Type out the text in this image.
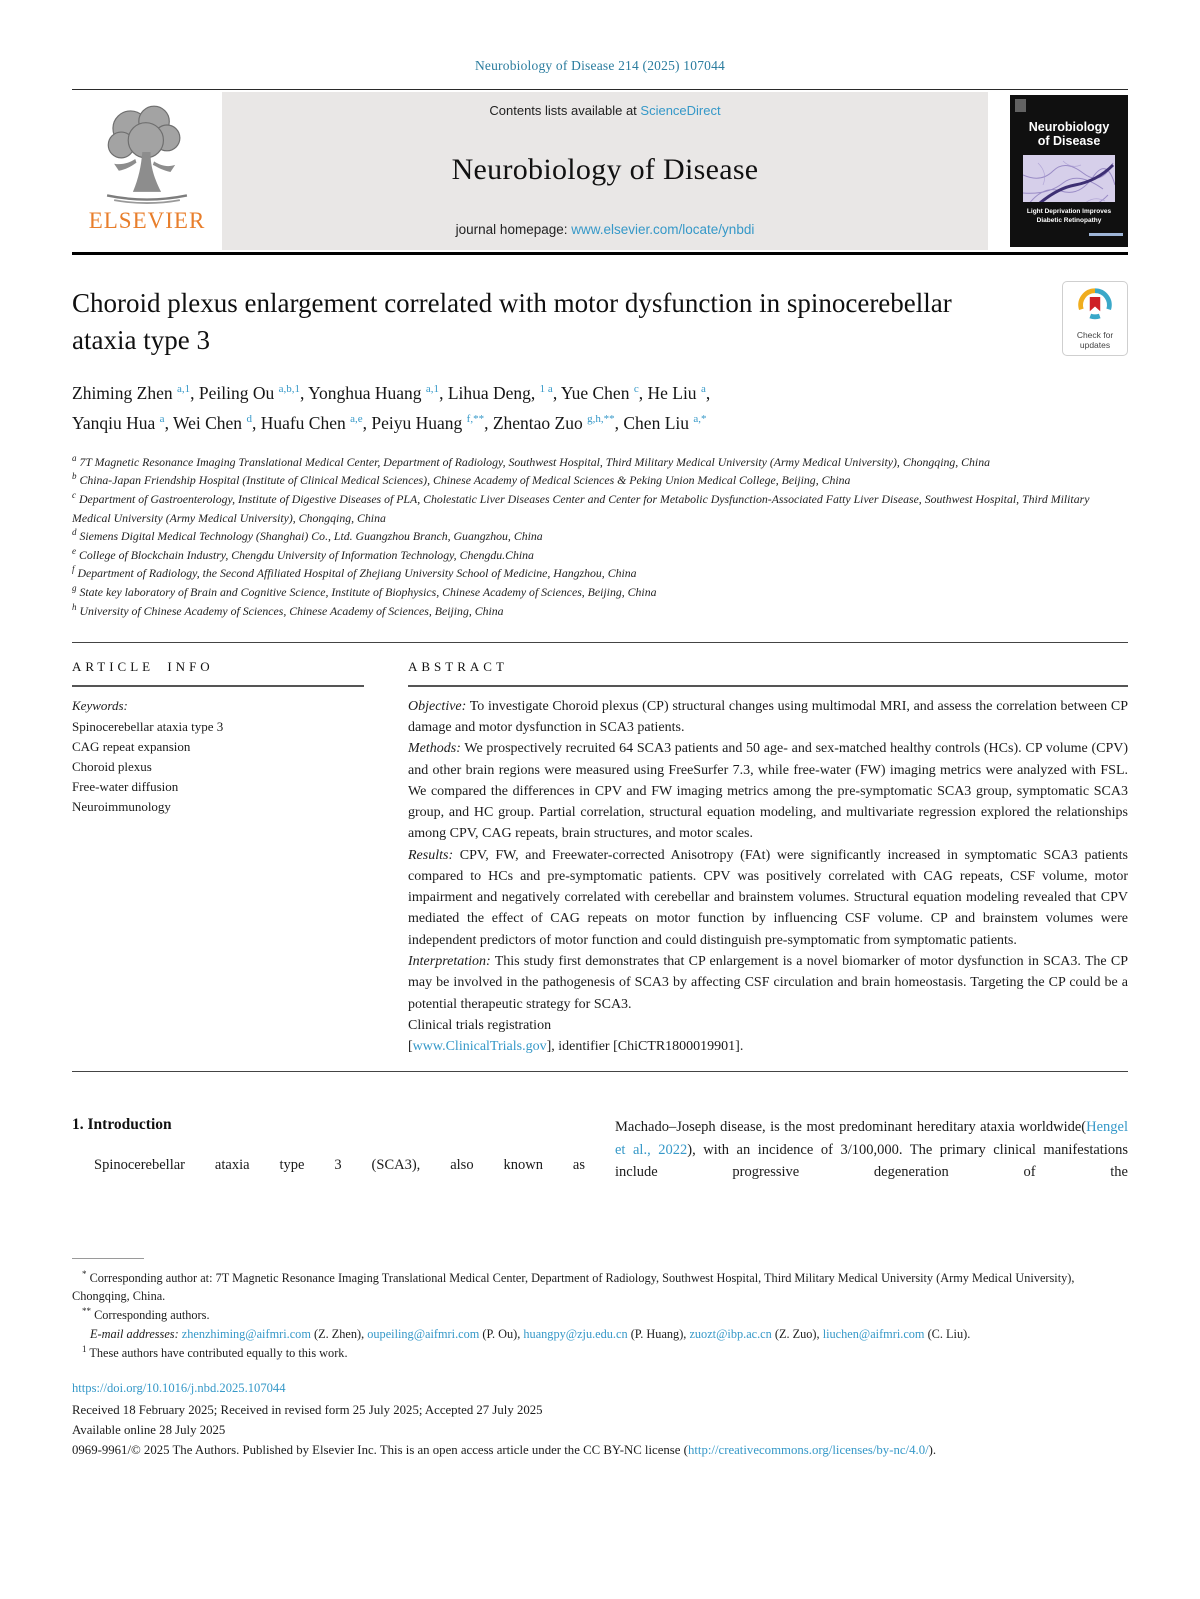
Neurobiology of Disease 214 (2025) 107044
ELSEVIER
Contents lists available at ScienceDirect
Neurobiology of Disease
journal homepage: www.elsevier.com/locate/ynbdi
Neurobiology
of Disease
Light Deprivation Improves Diabetic Retinopathy
Choroid plexus enlargement correlated with motor dysfunction in spinocerebellar ataxia type 3	Check for
updates
Zhiming Zhen $^{a,1}$, Peiling Ou $^{a,b,1}$, Yonghua Huang $^{a,1}$, Lihua Deng, $^{1 a}$, Yue Chen $^c$, He Liu $^a$,
Yanqiu Hua $^a$, Wei Chen $^d$, Huafu Chen $^{a,e}$, Peiyu Huang $^{f,**}$, Zhentao Zuo $^{g,h,**}$, Chen Liu $^{a,*}$
$^a$ 7T Magnetic Resonance Imaging Translational Medical Center, Department of Radiology, Southwest Hospital, Third Military Medical University (Army Medical University), Chongqing, China
$^b$ China-Japan Friendship Hospital (Institute of Clinical Medical Sciences), Chinese Academy of Medical Sciences & Peking Union Medical College, Beijing, China
$^c$ Department of Gastroenterology, Institute of Digestive Diseases of PLA, Cholestatic Liver Diseases Center and Center for Metabolic Dysfunction-Associated Fatty Liver Disease, Southwest Hospital, Third Military Medical University (Army Medical University), Chongqing, China
$^d$ Siemens Digital Medical Technology (Shanghai) Co., Ltd. Guangzhou Branch, Guangzhou, China
$^e$ College of Blockchain Industry, Chengdu University of Information Technology, Chengdu.China
$^f$ Department of Radiology, the Second Affiliated Hospital of Zhejiang University School of Medicine, Hangzhou, China
$^g$ State key laboratory of Brain and Cognitive Science, Institute of Biophysics, Chinese Academy of Sciences, Beijing, China
$^h$ University of Chinese Academy of Sciences, Chinese Academy of Sciences, Beijing, China
ARTICLE INFO
Keywords:
Spinocerebellar ataxia type 3
CAG repeat expansion
Choroid plexus
Free-water diffusion
Neuroimmunology
ABSTRACT

Objective: To investigate Choroid plexus (CP) structural changes using multimodal MRI, and assess the correlation between CP damage and motor dysfunction in SCA3 patients.

Methods: We prospectively recruited 64 SCA3 patients and 50 age- and sex-matched healthy controls (HCs). CP volume (CPV) and other brain regions were measured using FreeSurfer 7.3, while free-water (FW) imaging metrics were analyzed with FSL. We compared the differences in CPV and FW imaging metrics among the pre-symptomatic SCA3 group, symptomatic SCA3 group, and HC group. Partial correlation, structural equation modeling, and multivariate regression explored the relationships among CPV, CAG repeats, brain structures, and motor scales.

Results: CPV, FW, and Freewater-corrected Anisotropy (FAt) were significantly increased in symptomatic SCA3 patients compared to HCs and pre-symptomatic patients. CPV was positively correlated with CAG repeats, CSF volume, motor impairment and negatively correlated with cerebellar and brainstem volumes. Structural equation modeling revealed that CPV mediated the effect of CAG repeats on motor function by influencing CSF volume. CP and brainstem volumes were independent predictors of motor function and could distinguish pre-symptomatic from symptomatic patients.

Interpretation: This study first demonstrates that CP enlargement is a novel biomarker of motor dysfunction in SCA3. The CP may be involved in the pathogenesis of SCA3 by affecting CSF circulation and brain homeostasis. Targeting the CP could be a potential therapeutic strategy for SCA3.

Clinical trials registration

[www.ClinicalTrials.gov], identifier [ChiCTR1800019901].

1. Introduction

Spinocerebellar ataxia type 3 (SCA3), also known as

Machado–Joseph disease, is the most predominant hereditary ataxia worldwide(Hengel et al., 2022), with an incidence of 3/100,000. The primary clinical manifestations include progressive degeneration of the

* Corresponding author at: 7T Magnetic Resonance Imaging Translational Medical Center, Department of Radiology, Southwest Hospital, Third Military Medical University (Army Medical University), Chongqing, China.

** Corresponding authors.

E-mail addresses: zhenzhiming@aifmri.com (Z. Zhen), oupeiling@aifmri.com (P. Ou), huangpy@zju.edu.cn (P. Huang), zuozt@ibp.ac.cn (Z. Zuo), liuchen@aifmri.com (C. Liu).

$^1$ These authors have contributed equally to this work.

https://doi.org/10.1016/j.nbd.2025.107044

Received 18 February 2025; Received in revised form 25 July 2025; Accepted 27 July 2025

Available online 28 July 2025

0969-9961/© 2025 The Authors. Published by Elsevier Inc. This is an open access article under the CC BY-NC license (http://creativecommons.org/licenses/by-nc/4.0/).
